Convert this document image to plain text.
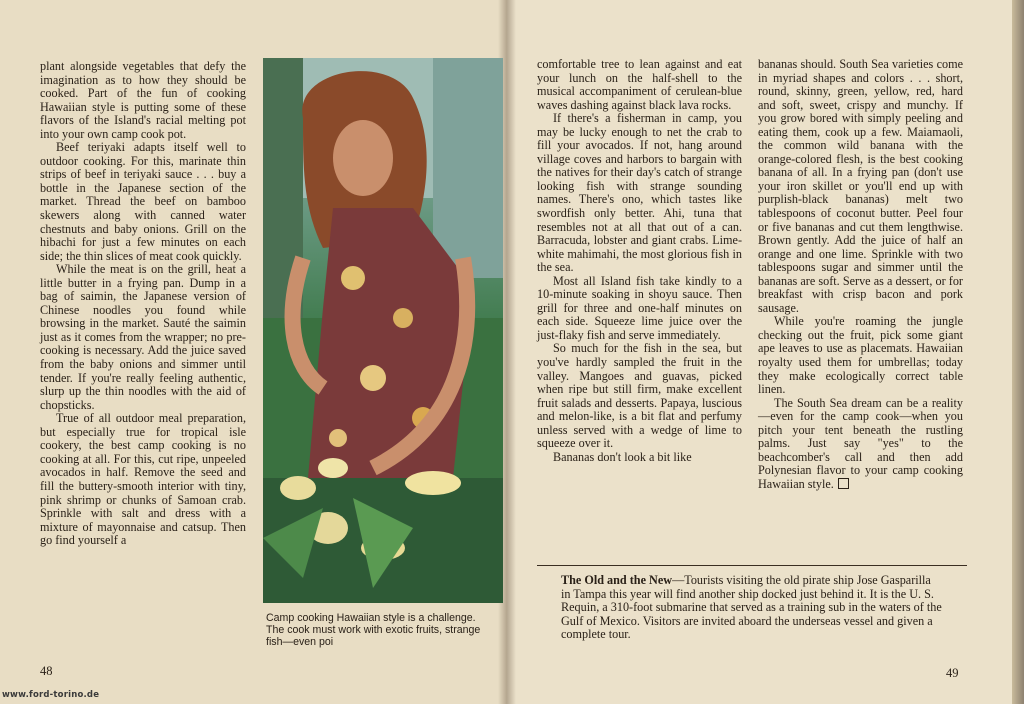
plant alongside vegetables that defy the imagination as to how they should be cooked. Part of the fun of cooking Hawaiian style is putting some of these flavors of the Island's racial melting pot into your own camp cook pot.

Beef teriyaki adapts itself well to outdoor cooking. For this, marinate thin strips of beef in teriyaki sauce . . . buy a bottle in the Japanese section of the market. Thread the beef on bamboo skewers along with canned water chestnuts and baby onions. Grill on the hibachi for just a few minutes on each side; the thin slices of meat cook quickly.

While the meat is on the grill, heat a little butter in a frying pan. Dump in a bag of saimin, the Japanese version of Chinese noodles you found while browsing in the market. Sauté the saimin just as it comes from the wrapper; no pre-cooking is necessary. Add the juice saved from the baby onions and simmer until tender. If you're really feeling authentic, slurp up the thin noodles with the aid of chopsticks.

True of all outdoor meal preparation, but especially true for tropical isle cookery, the best camp cooking is no cooking at all. For this, cut ripe, unpeeled avocados in half. Remove the seed and fill the buttery-smooth interior with tiny, pink shrimp or chunks of Samoan crab. Sprinkle with salt and dress with a mixture of mayonnaise and catsup. Then go find yourself a

Camp cooking Hawaiian style is a challenge. The cook must work with exotic fruits, strange fish—even poi
48

comfortable tree to lean against and eat your lunch on the half-shell to the musical accompaniment of cerulean-blue waves dashing against black lava rocks.

If there's a fisherman in camp, you may be lucky enough to net the crab to fill your avocados. If not, hang around village coves and harbors to bargain with the natives for their day's catch of strange looking fish with strange sounding names. There's ono, which tastes like swordfish only better. Ahi, tuna that resembles not at all that out of a can. Barracuda, lobster and giant crabs. Lime-white mahimahi, the most glorious fish in the sea.

Most all Island fish take kindly to a 10-minute soaking in shoyu sauce. Then grill for three and one-half minutes on each side. Squeeze lime juice over the just-flaky fish and serve immediately.

So much for the fish in the sea, but you've hardly sampled the fruit in the valley. Mangoes and guavas, picked when ripe but still firm, make excellent fruit salads and desserts. Papaya, luscious and melon-like, is a bit flat and perfumy unless served with a wedge of lime to squeeze over it.

Bananas don't look a bit like

bananas should. South Sea varieties come in myriad shapes and colors . . . short, round, skinny, green, yellow, red, hard and soft, sweet, crispy and munchy. If you grow bored with simply peeling and eating them, cook up a few. Maiamaoli, the common wild banana with the orange-colored flesh, is the best cooking banana of all. In a frying pan (don't use your iron skillet or you'll end up with purplish-black bananas) melt two tablespoons of coconut butter. Peel four or five bananas and cut them lengthwise. Brown gently. Add the juice of half an orange and one lime. Sprinkle with two tablespoons sugar and simmer until the bananas are soft. Serve as a dessert, or for breakfast with crisp bacon and pork sausage.

While you're roaming the jungle checking out the fruit, pick some giant ape leaves to use as placemats. Hawaiian royalty used them for umbrellas; today they make ecologically correct table linen.

The South Sea dream can be a reality—even for the camp cook—when you pitch your tent beneath the rustling palms. Just say "yes" to the beachcomber's call and then add Polynesian flavor to your camp cooking Hawaiian style.

The Old and the New—Tourists visiting the old pirate ship Jose Gasparilla in Tampa this year will find another ship docked just behind it. It is the U. S. Requin, a 310-foot submarine that served as a training sub in the waters of the Gulf of Mexico. Visitors are invited aboard the underseas vessel and given a complete tour.

49
www.ford-torino.de
